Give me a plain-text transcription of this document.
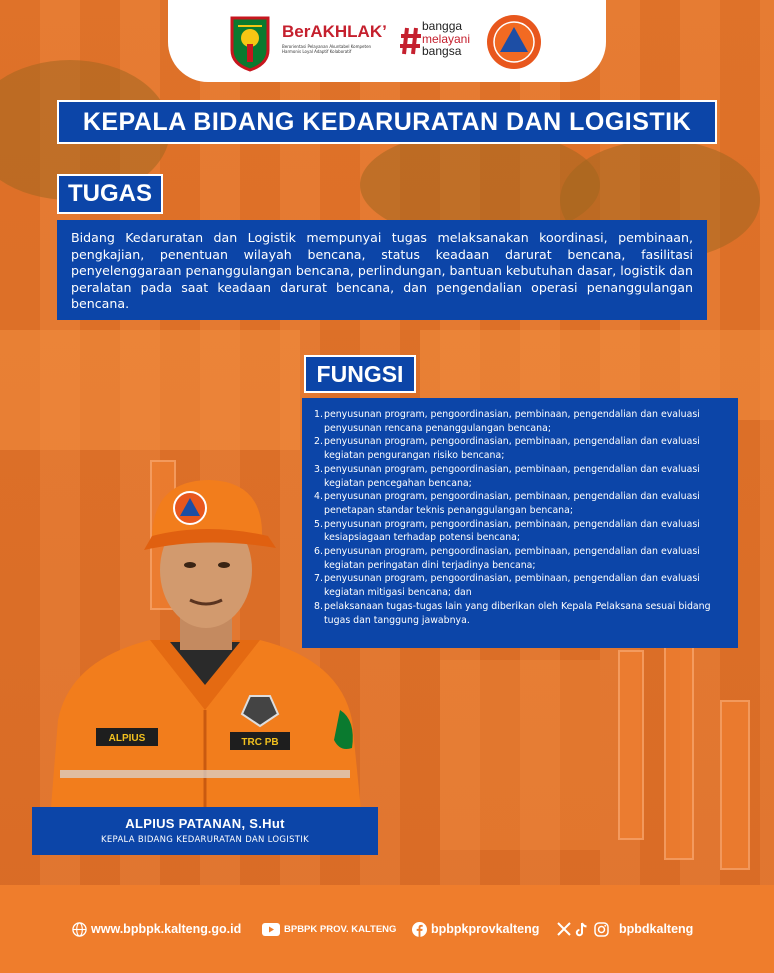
BerAKHLAKʼ
Berorientasi Pelayanan Akuntabel Kompeten Harmonis Loyal Adaptif Kolaboratif
bangga
melayani
bangsa
KEPALA BIDANG KEDARURATAN DAN LOGISTIK
TUGAS
Bidang Kedaruratan dan Logistik mempunyai tugas melaksanakan koordinasi, pembinaan, pengkajian, penentuan wilayah bencana, status keadaan darurat bencana, fasilitasi penyelenggaraan penanggulangan bencana, perlindungan, bantuan kebutuhan dasar, logistik dan peralatan pada saat keadaan darurat bencana, dan pengendalian operasi penanggulangan bencana.
FUNGSI
1. penyusunan program, pengoordinasian, pembinaan, pengendalian dan evaluasi penyusunan rencana penanggulangan bencana;
2. penyusunan program, pengoordinasian, pembinaan, pengendalian dan evaluasi kegiatan pengurangan risiko bencana;
3. penyusunan program, pengoordinasian, pembinaan, pengendalian dan evaluasi kegiatan pencegahan bencana;
4. penyusunan program, pengoordinasian, pembinaan, pengendalian dan evaluasi penetapan standar teknis penanggulangan bencana;
5. penyusunan program, pengoordinasian, pembinaan, pengendalian dan evaluasi kesiapsiagaan terhadap potensi bencana;
6. penyusunan program, pengoordinasian, pembinaan, pengendalian dan evaluasi kegiatan peringatan dini terjadinya bencana;
7. penyusunan program, pengoordinasian, pembinaan, pengendalian dan evaluasi kegiatan mitigasi bencana; dan
8. pelaksanaan tugas-tugas lain yang diberikan oleh Kepala Pelaksana sesuai bidang tugas dan tanggung jawabnya.
ALPIUS	TRC PB
ALPIUS PATANAN, S.Hut
KEPALA BIDANG KEDARURATAN DAN LOGISTIK
www.bpbpk.kalteng.go.id	BPBPK PROV. KALTENG	bpbpkprovkalteng	bpbdkalteng
